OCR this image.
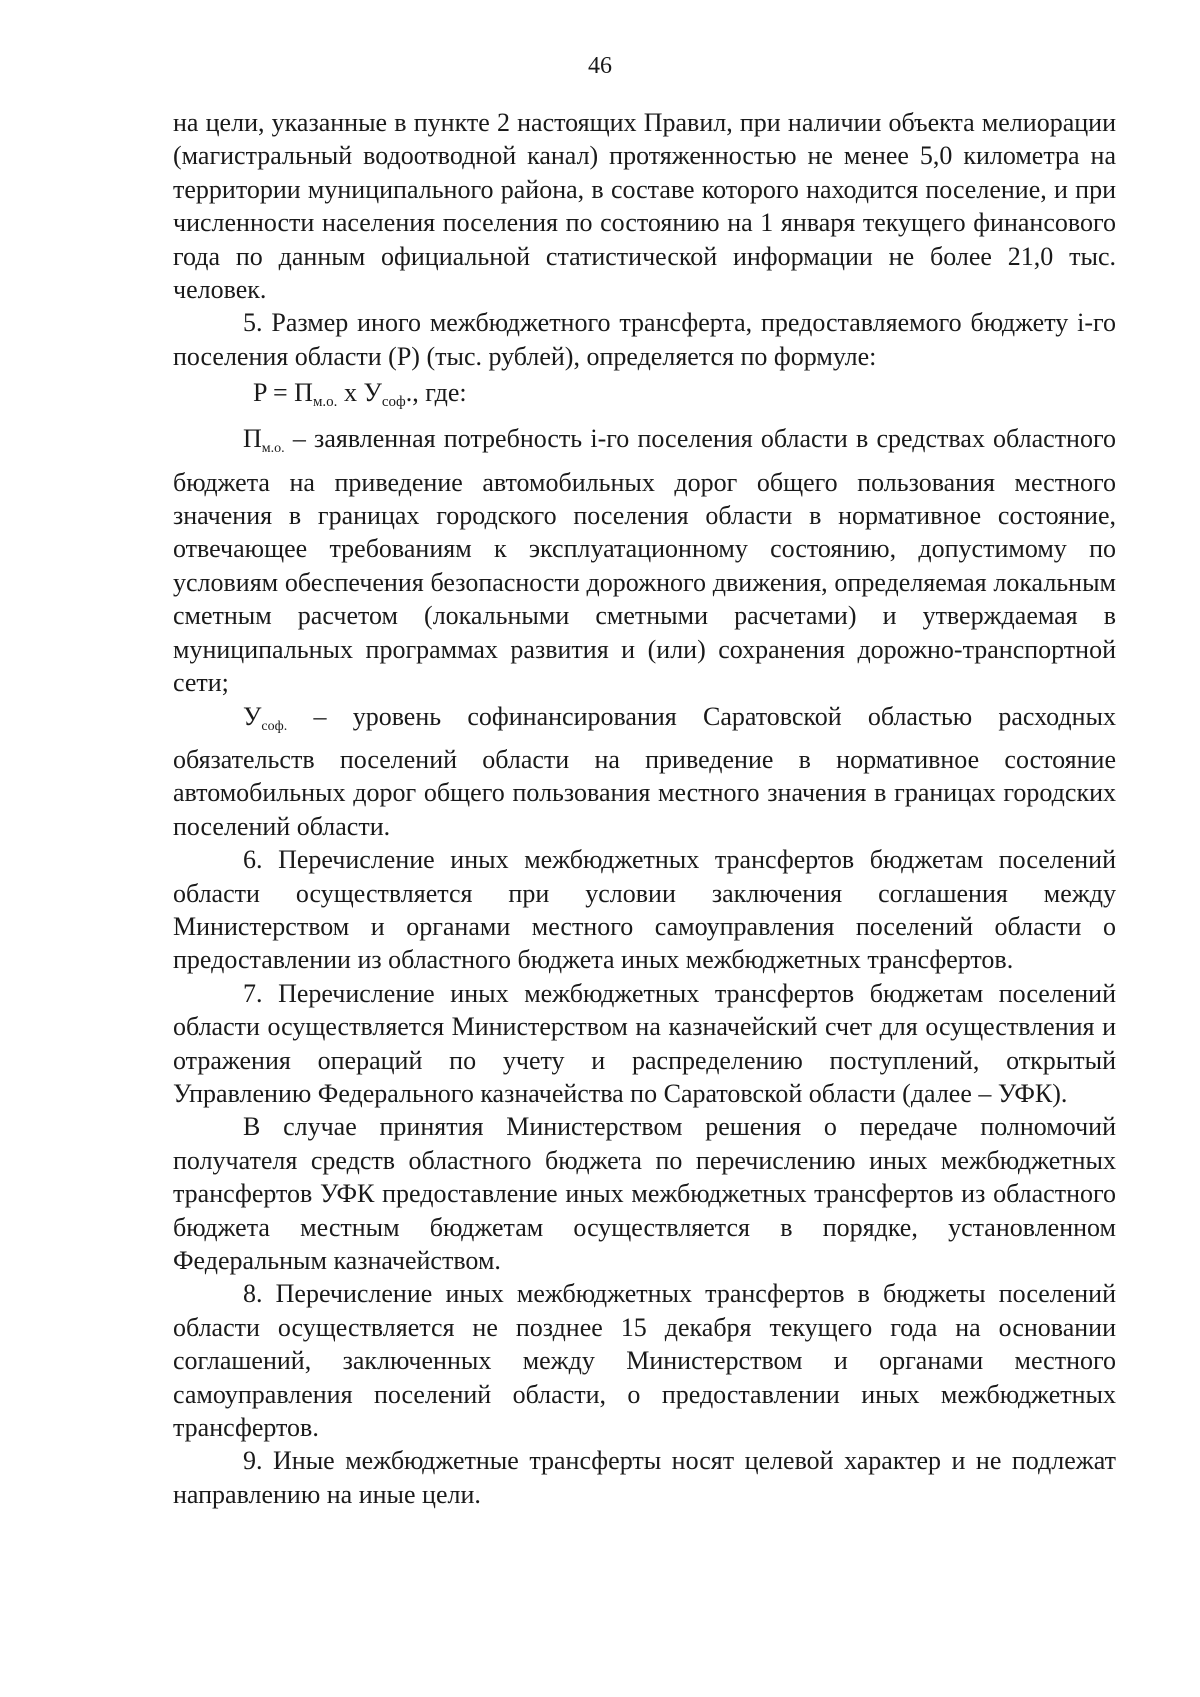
46

на цели, указанные в пункте 2 настоящих Правил, при наличии объекта мелиорации (магистральный водоотводной канал) протяженностью не менее 5,0 километра на территории муниципального района, в составе которого находится поселение, и при численности населения поселения по состоянию на 1 января текущего финансового года по данным официальной статистической информации не более 21,0 тыс. человек.

5. Размер иного межбюджетного трансферта, предоставляемого бюджету i-го поселения области (P) (тыс. рублей), определяется по формуле:

$P = П_{м.о.}$ х $У_{соф}$., где:

Пм.о. – заявленная потребность i-го поселения области в средствах областного бюджета на приведение автомобильных дорог общего пользования местного значения в границах городского поселения области в нормативное состояние, отвечающее требованиям к эксплуатационному состоянию, допустимому по условиям обеспечения безопасности дорожного движения, определяемая локальным сметным расчетом (локальными сметными расчетами) и утверждаемая в муниципальных программах развития и (или) сохранения дорожно-транспортной сети;

Усоф. – уровень софинансирования Саратовской областью расходных обязательств поселений области на приведение в нормативное состояние автомобильных дорог общего пользования местного значения в границах городских поселений области.

6. Перечисление иных межбюджетных трансфертов бюджетам поселений области осуществляется при условии заключения соглашения между Министерством и органами местного самоуправления поселений области о предоставлении из областного бюджета иных межбюджетных трансфертов.

7. Перечисление иных межбюджетных трансфертов бюджетам поселений области осуществляется Министерством на казначейский счет для осуществления и отражения операций по учету и распределению поступлений, открытый Управлению Федерального казначейства по Саратовской области (далее – УФК).

В случае принятия Министерством решения о передаче полномочий получателя средств областного бюджета по перечислению иных межбюджетных трансфертов УФК предоставление иных межбюджетных трансфертов из областного бюджета местным бюджетам осуществляется в порядке, установленном Федеральным казначейством.

8. Перечисление иных межбюджетных трансфертов в бюджеты поселений области осуществляется не позднее 15 декабря текущего года на основании соглашений, заключенных между Министерством и органами местного самоуправления поселений области, о предоставлении иных межбюджетных трансфертов.

9. Иные межбюджетные трансферты носят целевой характер и не подлежат направлению на иные цели.
